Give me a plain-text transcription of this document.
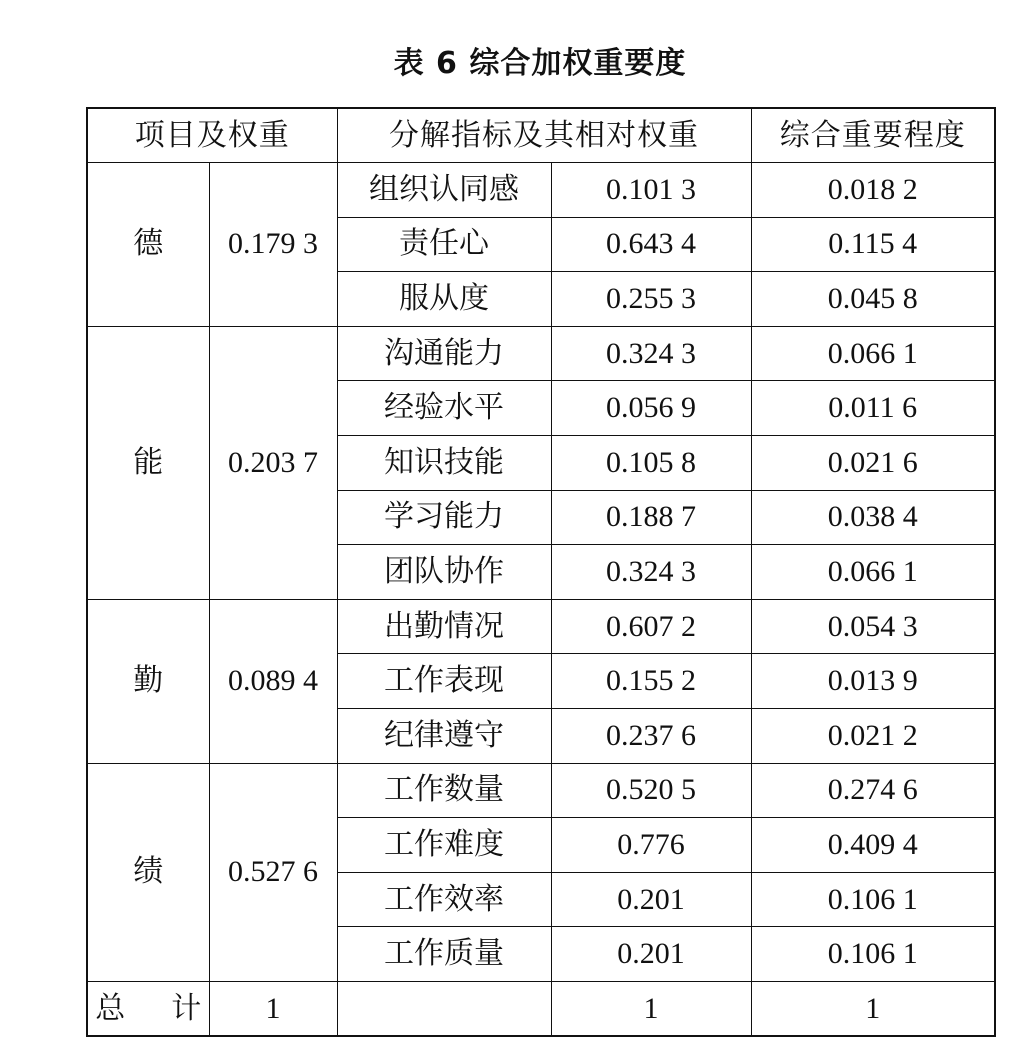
表 6 综合加权重要度
项目及权重		分解指标及其相对权重		综合重要程度
德	0.179 3	组织认同感	0.101 3	0.018 2
		责任心	0.643 4	0.115 4
		服从度	0.255 3	0.045 8
能	0.203 7	沟通能力	0.324 3	0.066 1
		经验水平	0.056 9	0.011 6
		知识技能	0.105 8	0.021 6
		学习能力	0.188 7	0.038 4
		团队协作	0.324 3	0.066 1
勤	0.089 4	出勤情况	0.607 2	0.054 3
		工作表现	0.155 2	0.013 9
		纪律遵守	0.237 6	0.021 2
绩	0.527 6	工作数量	0.520 5	0.274 6
		工作难度	0.776	0.409 4
		工作效率	0.201	0.106 1
		工作质量	0.201	0.106 1
总 计	1		1	1
